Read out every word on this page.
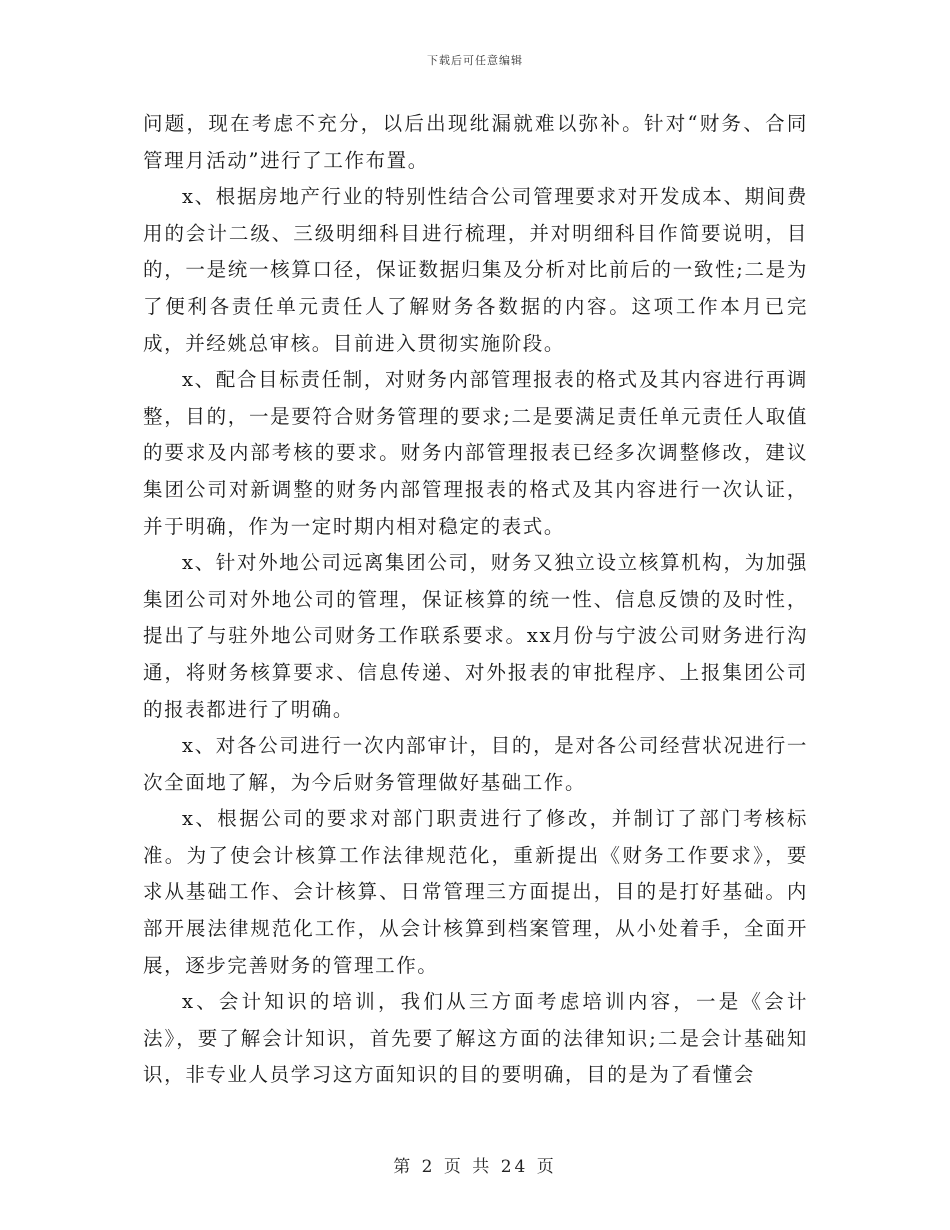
下载后可任意编辑

问题，现在考虑不充分，以后出现纰漏就难以弥补。针对“财务、合同管理月活动”进行了工作布置。

x、根据房地产行业的特别性结合公司管理要求对开发成本、期间费用的会计二级、三级明细科目进行梳理，并对明细科目作简要说明，目的，一是统一核算口径，保证数据归集及分析对比前后的一致性;二是为了便利各责任单元责任人了解财务各数据的内容。这项工作本月已完成，并经姚总审核。目前进入贯彻实施阶段。

x、配合目标责任制，对财务内部管理报表的格式及其内容进行再调整，目的，一是要符合财务管理的要求;二是要满足责任单元责任人取值的要求及内部考核的要求。财务内部管理报表已经多次调整修改，建议集团公司对新调整的财务内部管理报表的格式及其内容进行一次认证，并于明确，作为一定时期内相对稳定的表式。

x、针对外地公司远离集团公司，财务又独立设立核算机构，为加强集团公司对外地公司的管理，保证核算的统一性、信息反馈的及时性，提出了与驻外地公司财务工作联系要求。xx月份与宁波公司财务进行沟通，将财务核算要求、信息传递、对外报表的审批程序、上报集团公司的报表都进行了明确。

x、对各公司进行一次内部审计，目的，是对各公司经营状况进行一次全面地了解，为今后财务管理做好基础工作。

x、根据公司的要求对部门职责进行了修改，并制订了部门考核标准。为了使会计核算工作法律规范化，重新提出《财务工作要求》，要求从基础工作、会计核算、日常管理三方面提出，目的是打好基础。内部开展法律规范化工作，从会计核算到档案管理，从小处着手，全面开展，逐步完善财务的管理工作。

x、会计知识的培训，我们从三方面考虑培训内容，一是《会计法》，要了解会计知识，首先要了解这方面的法律知识;二是会计基础知识，非专业人员学习这方面知识的目的要明确，目的是为了看懂会

第 2 页 共 24 页
